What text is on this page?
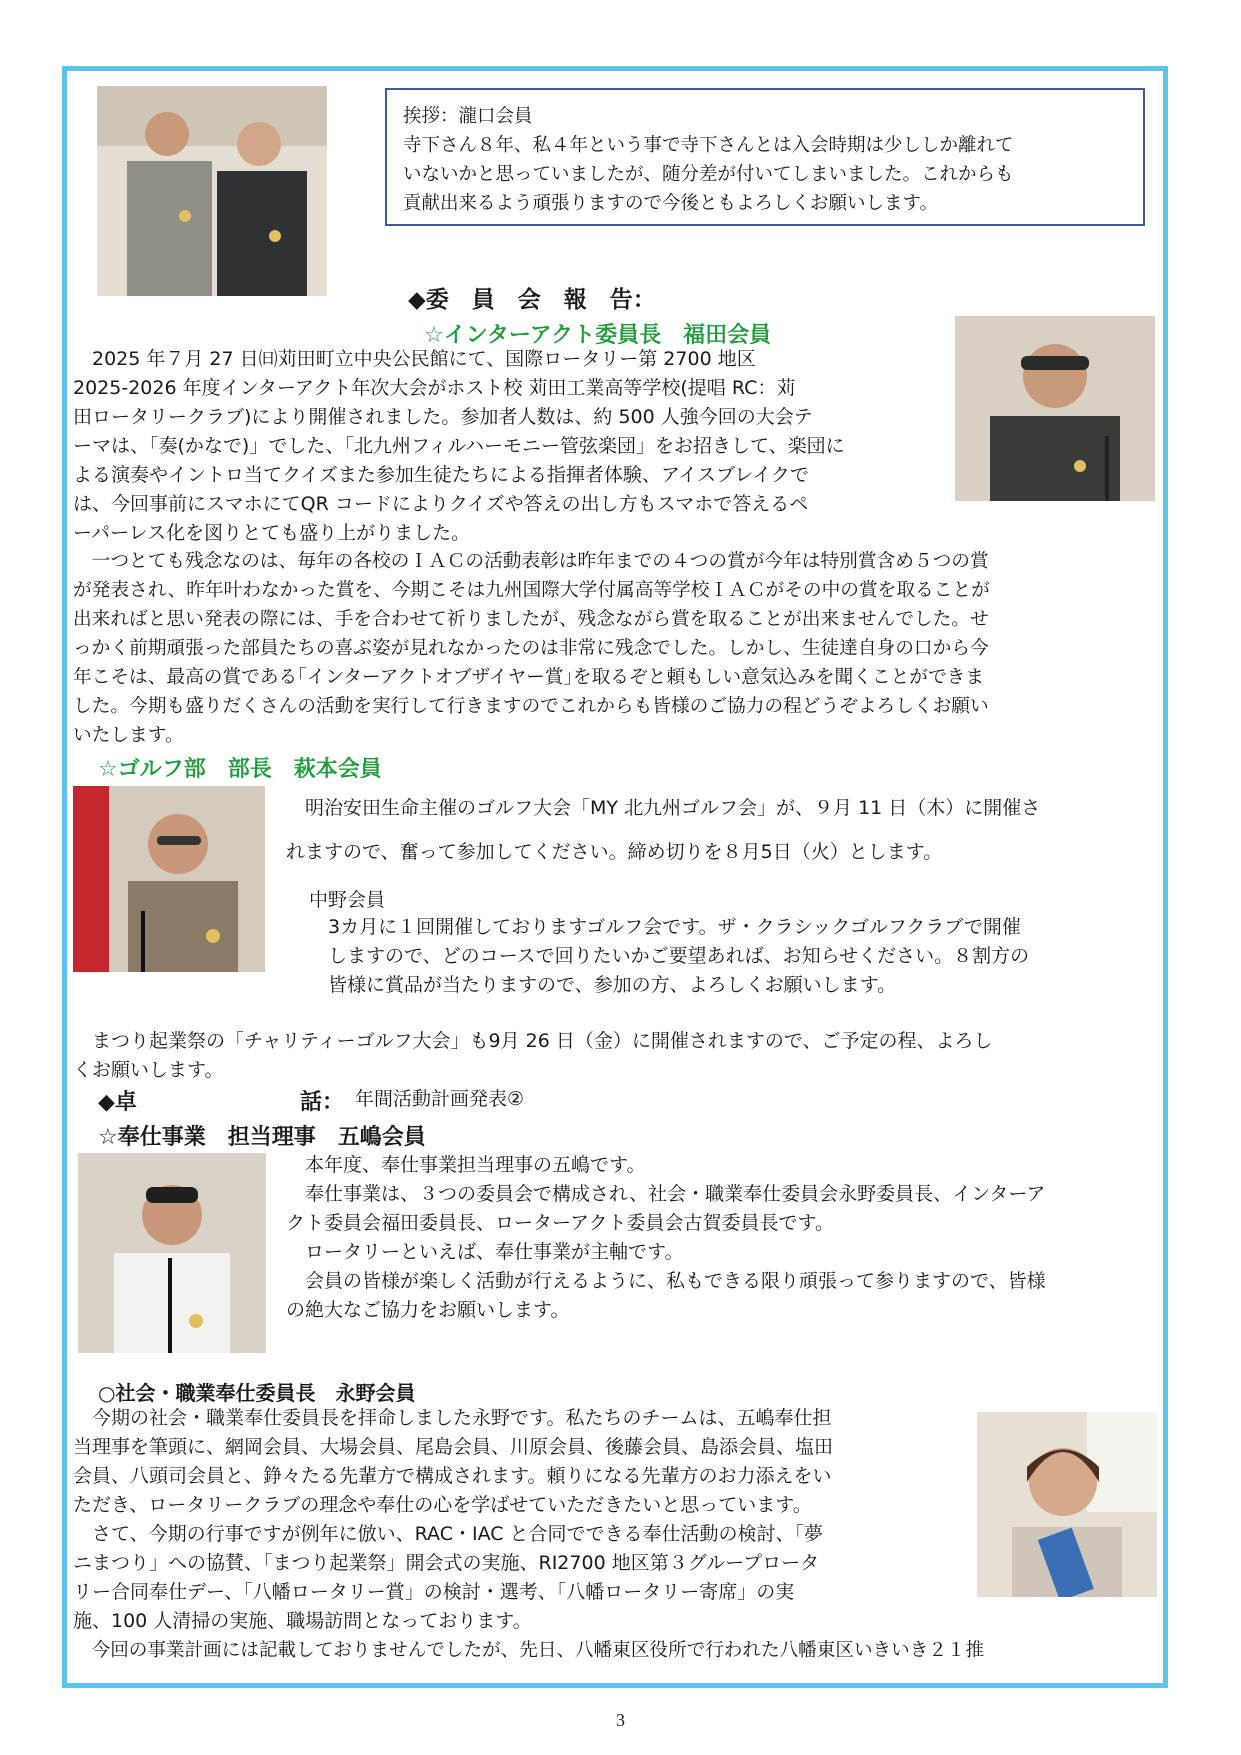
挨拶：瀧口会員
寺下さん８年、私４年という事で寺下さんとは入会時期は少ししか離れて
いないかと思っていましたが、随分差が付いてしまいました。これからも
貢献出来るよう頑張りますので今後ともよろしくお願いします。
◆委　員　会　報　告：
☆インターアクト委員長　福田会員
　2025 年７月 27 日㈰苅田町立中央公民館にて、国際ロータリー第 2700 地区
2025-2026 年度インターアクト年次大会がホスト校 苅田工業高等学校(提唱 RC：苅
田ロータリークラブ)により開催されました。参加者人数は、約 500 人強今回の大会テ
ーマは、「奏(かなで)」でした、「北九州フィルハーモニー管弦楽団」をお招きして、楽団に
よる演奏やイントロ当てクイズまた参加生徒たちによる指揮者体験、アイスブレイクで
は、今回事前にスマホにてQR コードによりクイズや答えの出し方もスマホで答えるペ
ーパーレス化を図りとても盛り上がりました。
　一つとても残念なのは、毎年の各校のＩＡＣの活動表彰は昨年までの４つの賞が今年は特別賞含め５つの賞
が発表され、昨年叶わなかった賞を、今期こそは九州国際大学付属高等学校ＩＡＣがその中の賞を取ることが
出来ればと思い発表の際には、手を合わせて祈りましたが、残念ながら賞を取ることが出来ませんでした。せ
っかく前期頑張った部員たちの喜ぶ姿が見れなかったのは非常に残念でした。しかし、生徒達自身の口から今
年こそは、最高の賞である｢インターアクトオブザイヤー賞｣を取るぞと頼もしい意気込みを聞くことができま
した。今期も盛りだくさんの活動を実行して行きますのでこれからも皆様のご協力の程どうぞよろしくお願い
いたします。
☆ゴルフ部　部長　萩本会員
　明治安田生命主催のゴルフ大会「MY 北九州ゴルフ会」が、９月 11 日（木）に開催さ
れますので、奮って参加してください。締め切りを８月5日（火）とします。
中野会員
　3カ月に１回開催しておりますゴルフ会です。ザ・クラシックゴルフクラブで開催
　しますので、どのコースで回りたいかご要望あれば、お知らせください。８割方の
　皆様に賞品が当たりますので、参加の方、よろしくお願いします。
　まつり起業祭の「チャリティーゴルフ大会」も9月 26 日（金）に開催されますので、ご予定の程、よろし
くお願いします。
◆卓	話： 年間活動計画発表②
☆奉仕事業　担当理事　五嶋会員
　本年度、奉仕事業担当理事の五嶋です。
　奉仕事業は、３つの委員会で構成され、社会・職業奉仕委員会永野委員長、インターア
クト委員会福田委員長、ローターアクト委員会古賀委員長です。
　ロータリーといえば、奉仕事業が主軸です。
　会員の皆様が楽しく活動が行えるように、私もできる限り頑張って参りますので、皆様
の絶大なご協力をお願いします。
○社会・職業奉仕委員長　永野会員
　今期の社会・職業奉仕委員長を拝命しました永野です。私たちのチームは、五嶋奉仕担
当理事を筆頭に、網岡会員、大場会員、尾島会員、川原会員、後藤会員、島添会員、塩田
会員、八頭司会員と、錚々たる先輩方で構成されます。頼りになる先輩方のお力添えをい
ただき、ロータリークラブの理念や奉仕の心を学ばせていただきたいと思っています。
　さて、今期の行事ですが例年に倣い、RAC・IAC と合同でできる奉仕活動の検討、「夢
ニまつり」への協賛、「まつり起業祭」開会式の実施、RI2700 地区第３グループロータ
リー合同奉仕デー、「八幡ロータリー賞」の検討・選考、「八幡ロータリー寄席」の実
施、100 人清掃の実施、職場訪問となっております。
　今回の事業計画には記載しておりませんでしたが、先日、八幡東区役所で行われた八幡東区いきいき２１推
3
